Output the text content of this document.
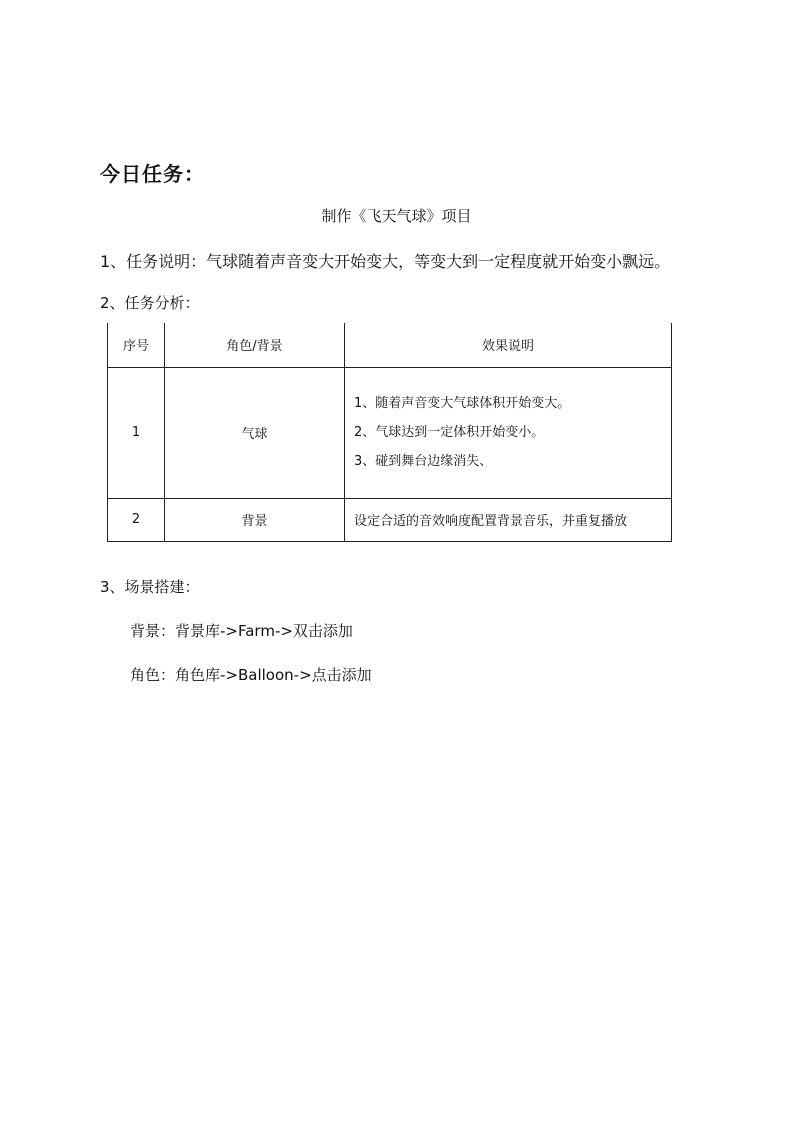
今日任务：
制作《飞天气球》项目
1、任务说明：气球随着声音变大开始变大，等变大到一定程度就开始变小飘远。
2、任务分析：
序号	角色/背景	效果说明
1	气球	1、随着声音变大气球体积开始变大。
2、气球达到一定体积开始变小。
3、碰到舞台边缘消失、

2	背景	设定合适的音效响度配置背景音乐，并重复播放
3、场景搭建：
背景：背景库->Farm->双击添加
角色：角色库->Balloon->点击添加
